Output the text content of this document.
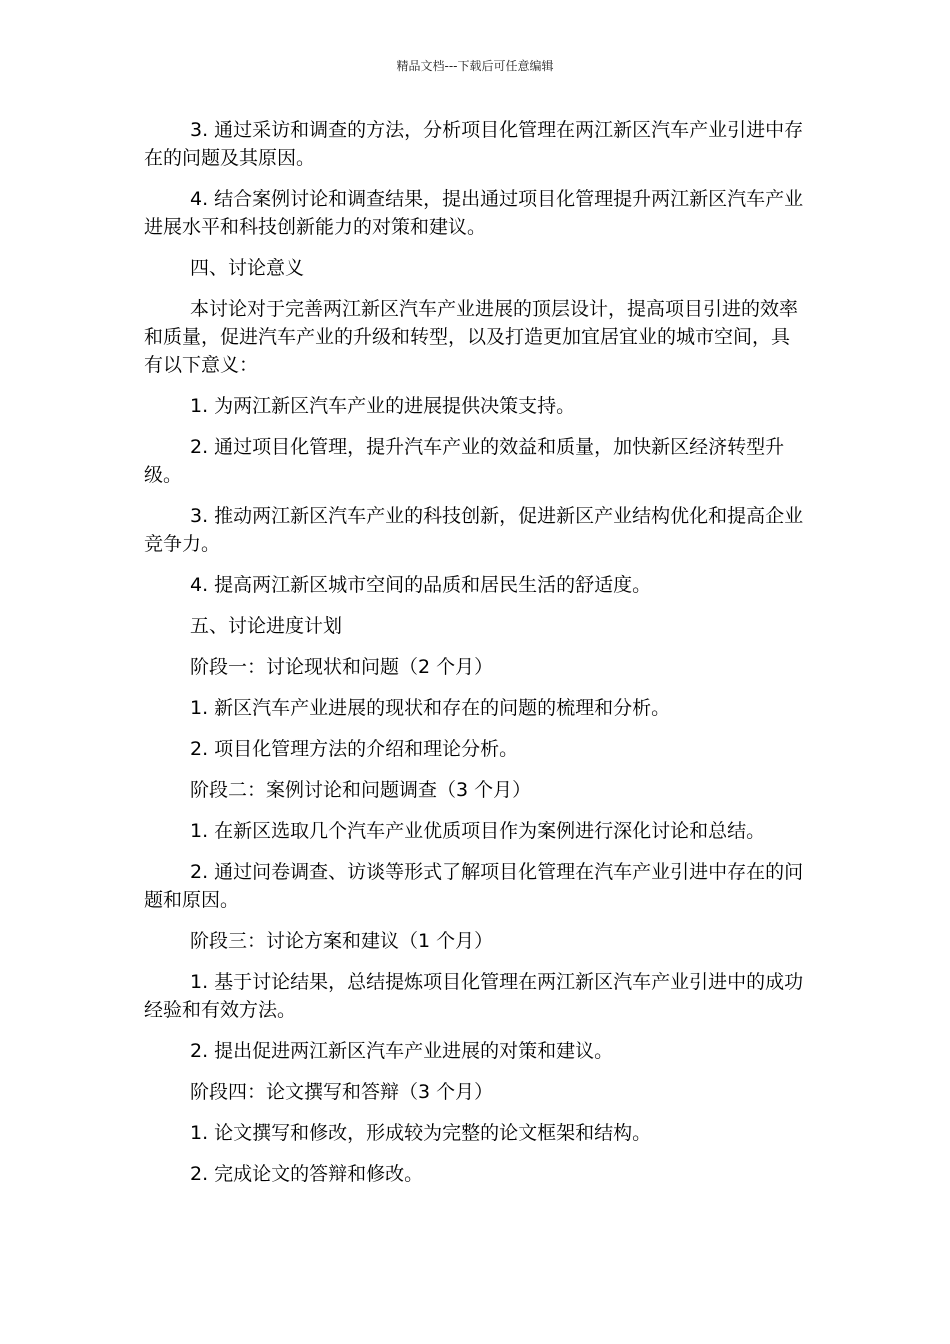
精品文档---下载后可任意编辑

3. 通过采访和调查的方法，分析项目化管理在两江新区汽车产业引进中存在的问题及其原因。

4. 结合案例讨论和调查结果，提出通过项目化管理提升两江新区汽车产业进展水平和科技创新能力的对策和建议。

四、讨论意义

本讨论对于完善两江新区汽车产业进展的顶层设计，提高项目引进的效率和质量，促进汽车产业的升级和转型，以及打造更加宜居宜业的城市空间，具有以下意义：

1. 为两江新区汽车产业的进展提供决策支持。

2. 通过项目化管理，提升汽车产业的效益和质量，加快新区经济转型升级。

3. 推动两江新区汽车产业的科技创新，促进新区产业结构优化和提高企业竞争力。

4. 提高两江新区城市空间的品质和居民生活的舒适度。

五、讨论进度计划

阶段一：讨论现状和问题（2 个月）

1. 新区汽车产业进展的现状和存在的问题的梳理和分析。

2. 项目化管理方法的介绍和理论分析。

阶段二：案例讨论和问题调查（3 个月）

1. 在新区选取几个汽车产业优质项目作为案例进行深化讨论和总结。

2. 通过问卷调查、访谈等形式了解项目化管理在汽车产业引进中存在的问题和原因。

阶段三：讨论方案和建议（1 个月）

1. 基于讨论结果，总结提炼项目化管理在两江新区汽车产业引进中的成功经验和有效方法。

2. 提出促进两江新区汽车产业进展的对策和建议。

阶段四：论文撰写和答辩（3 个月）

1. 论文撰写和修改，形成较为完整的论文框架和结构。

2. 完成论文的答辩和修改。
